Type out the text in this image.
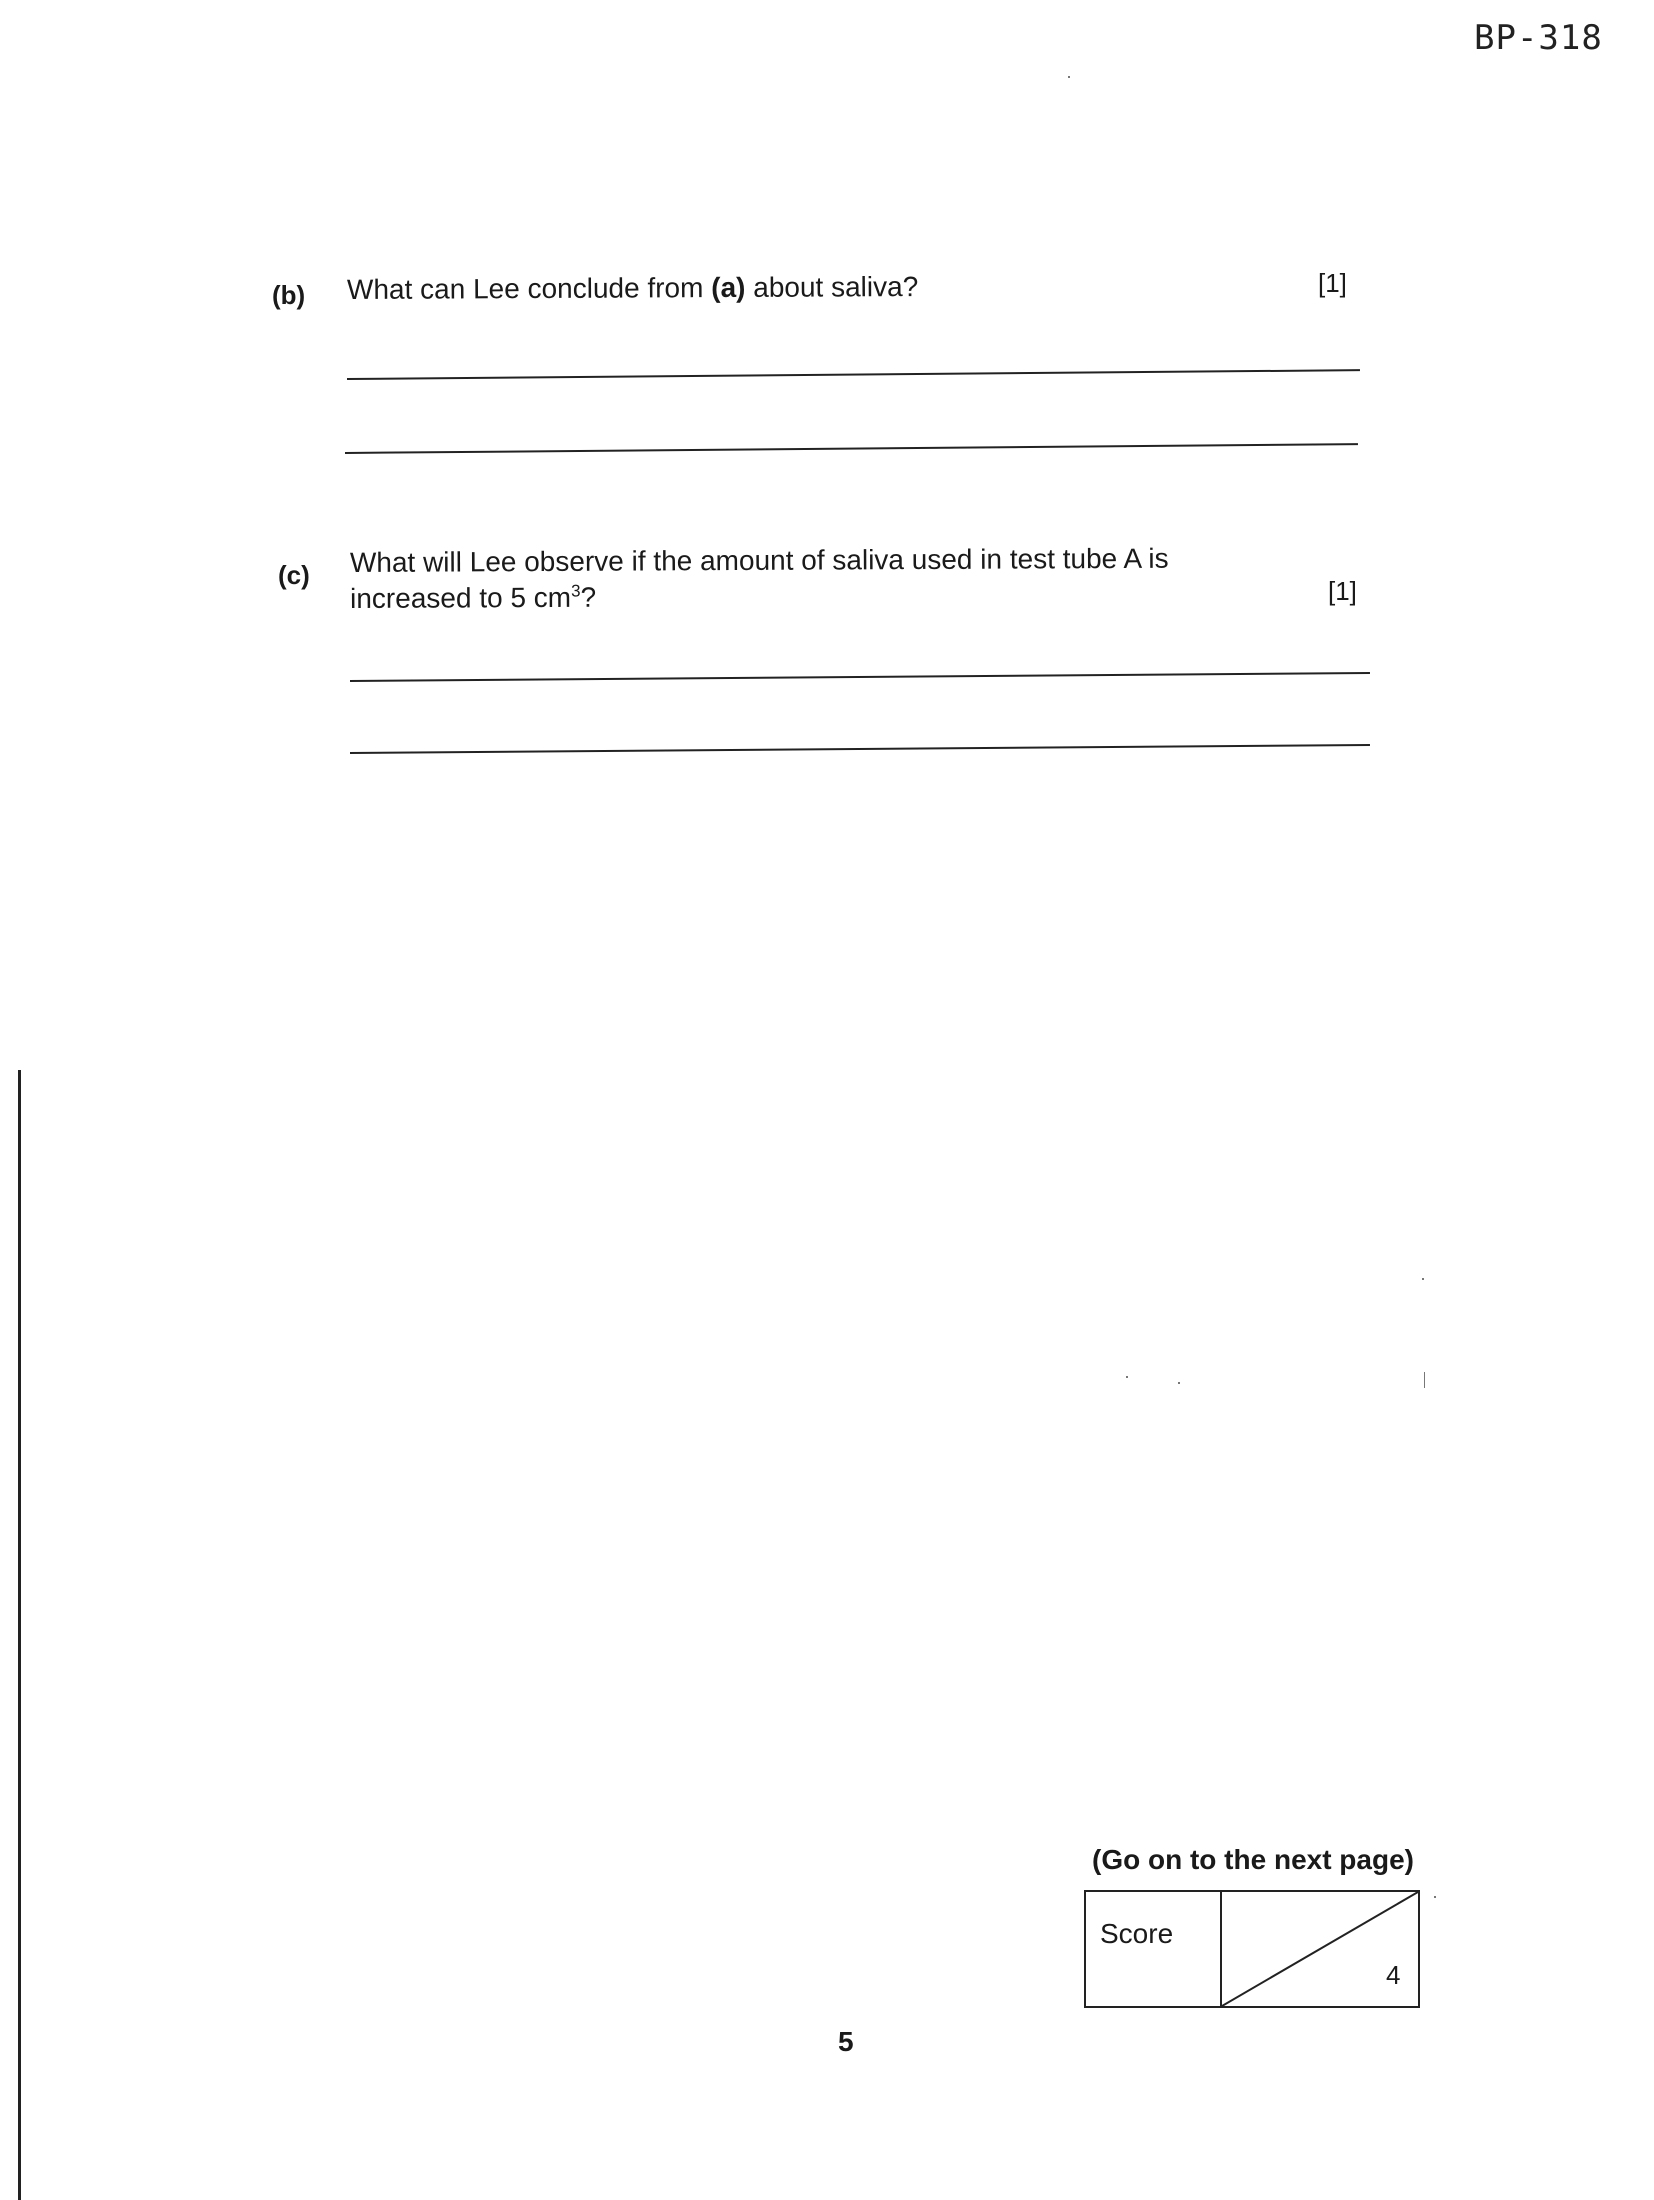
BP-318
(b) What can Lee conclude from (a) about saliva?	[1]
(c) What will Lee observe if the amount of saliva used in test tube A is
increased to 5 $cm^3$?	[1]
(Go on to the next page)
Score
4
5
